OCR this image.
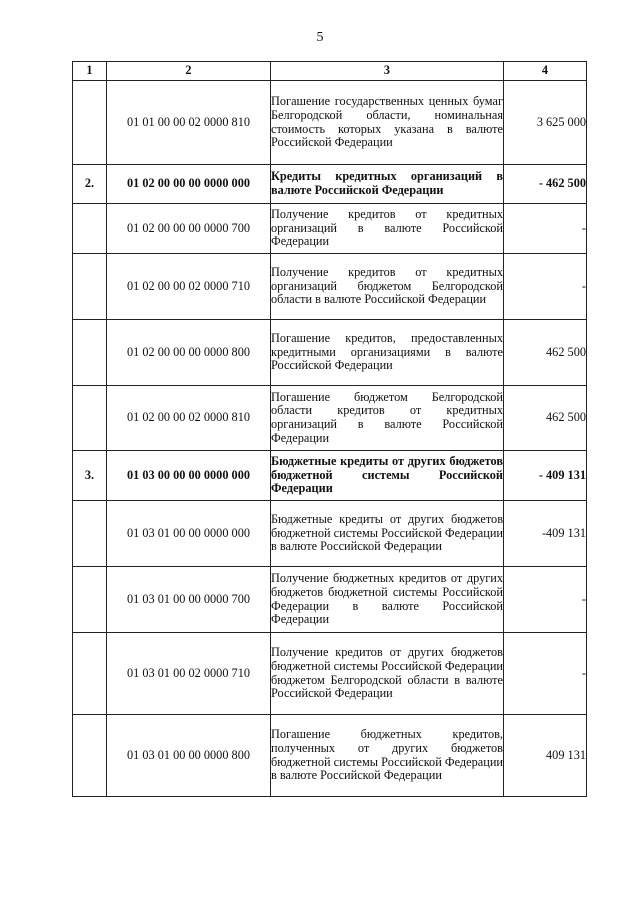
5
1	2	3	4
	01 01 00 00 02 0000 810	Погашение государственных ценных бумаг Белгородской области, номинальная стоимость которых указана в валюте Российской Федерации	3 625 000
2.	01 02 00 00 00 0000 000	Кредиты кредитных организаций в валюте Российской Федерации	- 462 500
	01 02 00 00 00 0000 700	Получение кредитов от кредитных организаций в валюте Российской Федерации	-
	01 02 00 00 02 0000 710	Получение кредитов от кредитных организаций бюджетом Белгородской области в валюте Российской Федерации	-
	01 02 00 00 00 0000 800	Погашение кредитов, предоставленных кредитными организациями в валюте Российской Федерации	462 500
	01 02 00 00 02 0000 810	Погашение бюджетом Белгородской области кредитов от кредитных организаций в валюте Российской Федерации	462 500
3.	01 03 00 00 00 0000 000	Бюджетные кредиты от других бюджетов бюджетной системы Российской Федерации	- 409 131
	01 03 01 00 00 0000 000	Бюджетные кредиты от других бюджетов бюджетной системы Российской Федерации в валюте Российской Федерации	-409 131
	01 03 01 00 00 0000 700	Получение бюджетных кредитов от других бюджетов бюджетной системы Российской Федерации в валюте Российской Федерации	-
	01 03 01 00 02 0000 710	Получение кредитов от других бюджетов бюджетной системы Российской Федерации бюджетом Белгородской области в валюте Российской Федерации	-
	01 03 01 00 00 0000 800	Погашение бюджетных кредитов, полученных от других бюджетов бюджетной системы Российской Федерации в валюте Российской Федерации	409 131
